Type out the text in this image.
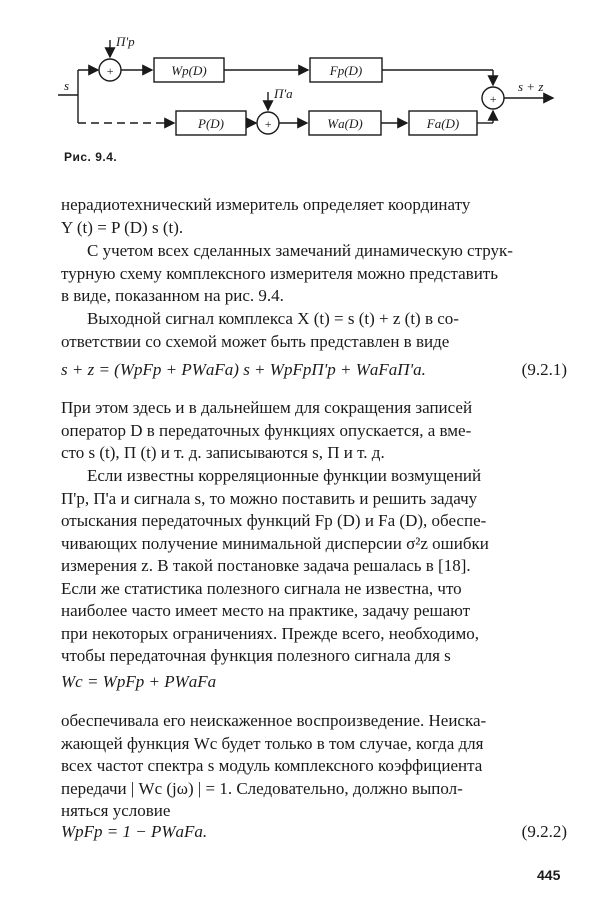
+
+
+
s	s + z
П'р
П'а
Wр(D)	Fр(D)
P(D)	Wа(D)	Fа(D)
Рис. 9.4.

нерадиотехнический измеритель определяет координату

Y (t) = P (D) s (t).

С учетом всех сделанных замечаний динамическую струк-

турную схему комплексного измерителя можно представить

в виде, показанном на рис. 9.4.

Выходной сигнал комплекса X (t) = s (t) + z (t) в со-

ответствии со схемой может быть представлен в виде

s + z = (WрFр + PWаFа) s + WрFрП'р + WаFаП'а.	(9.2.1)

При этом здесь и в дальнейшем для сокращения записей

оператор D в передаточных функциях опускается, а вме-

сто s (t), П (t) и т. д. записываются s, П и т. д.

Если известны корреляционные функции возмущений

П'р, П'а и сигнала s, то можно поставить и решить задачу

отыскания передаточных функций Fр (D) и Fа (D), обеспе-

чивающих получение минимальной дисперсии σ²z ошибки

измерения z. В такой постановке задача решалась в [18].

Если же статистика полезного сигнала не известна, что

наиболее часто имеет место на практике, задачу решают

при некоторых ограничениях. Прежде всего, необходимо,

чтобы передаточная функция полезного сигнала для s

Wс = WрFр + PWаFа

обеспечивала его неискаженное воспроизведение. Неиска-

жающей функция Wс будет только в том случае, когда для

всех частот спектра s модуль комплексного коэффициента

передачи | Wс (jω) | = 1. Следовательно, должно выпол-

няться условие

WрFр = 1 − PWаFа.	(9.2.2)
445
